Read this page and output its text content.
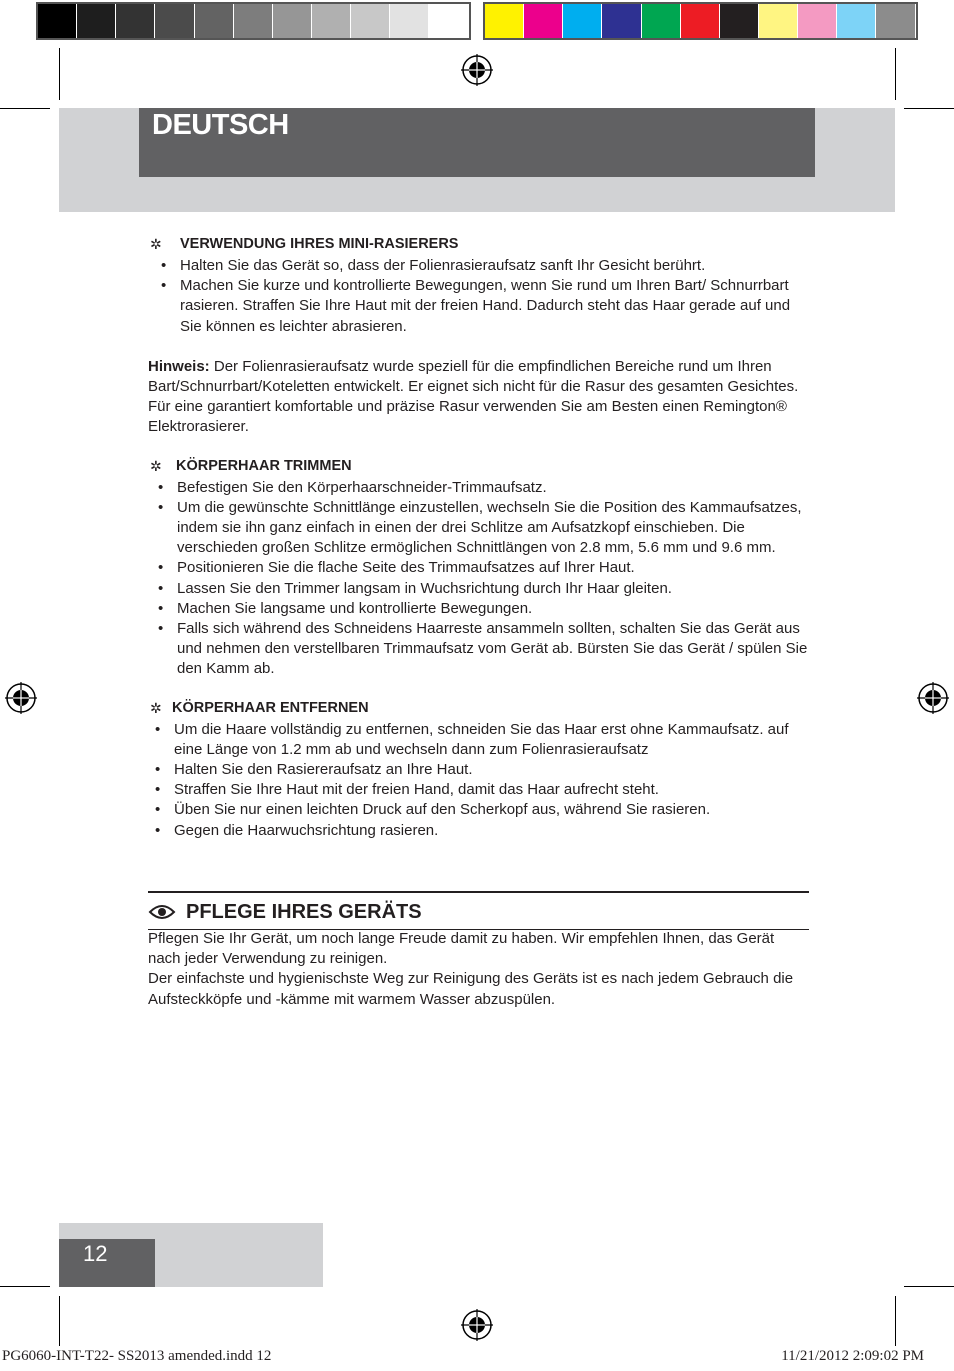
DEUTSCH
✲ VERWENDUNG IHRES MINI-RASIERERS
• Halten Sie das Gerät so, dass der Folienrasieraufsatz sanft Ihr Gesicht berührt.
• Machen Sie kurze und kontrollierte Bewegungen, wenn Sie rund um Ihren Bart/ Schnurrbart rasieren. Straffen Sie Ihre Haut mit der freien Hand. Dadurch steht das Haar gerade auf und Sie können es leichter abrasieren.
Hinweis: Der Folienrasieraufsatz wurde speziell für die empfindlichen Bereiche rund um Ihren Bart/Schnurrbart/Koteletten entwickelt. Er eignet sich nicht für die Rasur des gesamten Gesichtes. Für eine garantiert komfortable und präzise Rasur verwenden Sie am Besten einen Remington® Elektrorasierer.
✲ KÖRPERHAAR TRIMMEN
• Befestigen Sie den Körperhaarschneider-Trimmaufsatz.
• Um die gewünschte Schnittlänge einzustellen, wechseln Sie die Position des Kammaufsatzes, indem sie ihn ganz einfach in einen der drei Schlitze am Aufsatzkopf einschieben. Die verschieden großen Schlitze ermöglichen Schnittlängen von 2.8 mm, 5.6 mm und 9.6 mm.
• Positionieren Sie die flache Seite des Trimmaufsatzes auf Ihrer Haut.
• Lassen Sie den Trimmer langsam in Wuchsrichtung durch Ihr Haar gleiten.
• Machen Sie langsame und kontrollierte Bewegungen.
• Falls sich während des Schneidens Haarreste ansammeln sollten, schalten Sie das Gerät aus und nehmen den verstellbaren Trimmaufsatz vom Gerät ab. Bürsten Sie das Gerät / spülen Sie den Kamm ab.
✲ KÖRPERHAAR ENTFERNEN
• Um die Haare vollständig zu entfernen, schneiden Sie das Haar erst ohne Kammaufsatz. auf eine Länge von 1.2 mm ab und wechseln dann zum Folienrasieraufsatz
• Halten Sie den Rasiereraufsatz an Ihre Haut.
• Straffen Sie Ihre Haut mit der freien Hand, damit das Haar aufrecht steht.
• Üben Sie nur einen leichten Druck auf den Scherkopf aus, während Sie rasieren.
• Gegen die Haarwuchsrichtung rasieren.
PFLEGE IHRES GERÄTS
Pflegen Sie Ihr Gerät, um noch lange Freude damit zu haben. Wir empfehlen Ihnen, das Gerät nach jeder Verwendung zu reinigen.
Der einfachste und hygienischste Weg zur Reinigung des Geräts ist es nach jedem Gebrauch die Aufsteckköpfe und -kämme mit warmem Wasser abzuspülen.
12
PG6060-INT-T22- SS2013 amended.indd 12	11/21/2012 2:09:02 PM
